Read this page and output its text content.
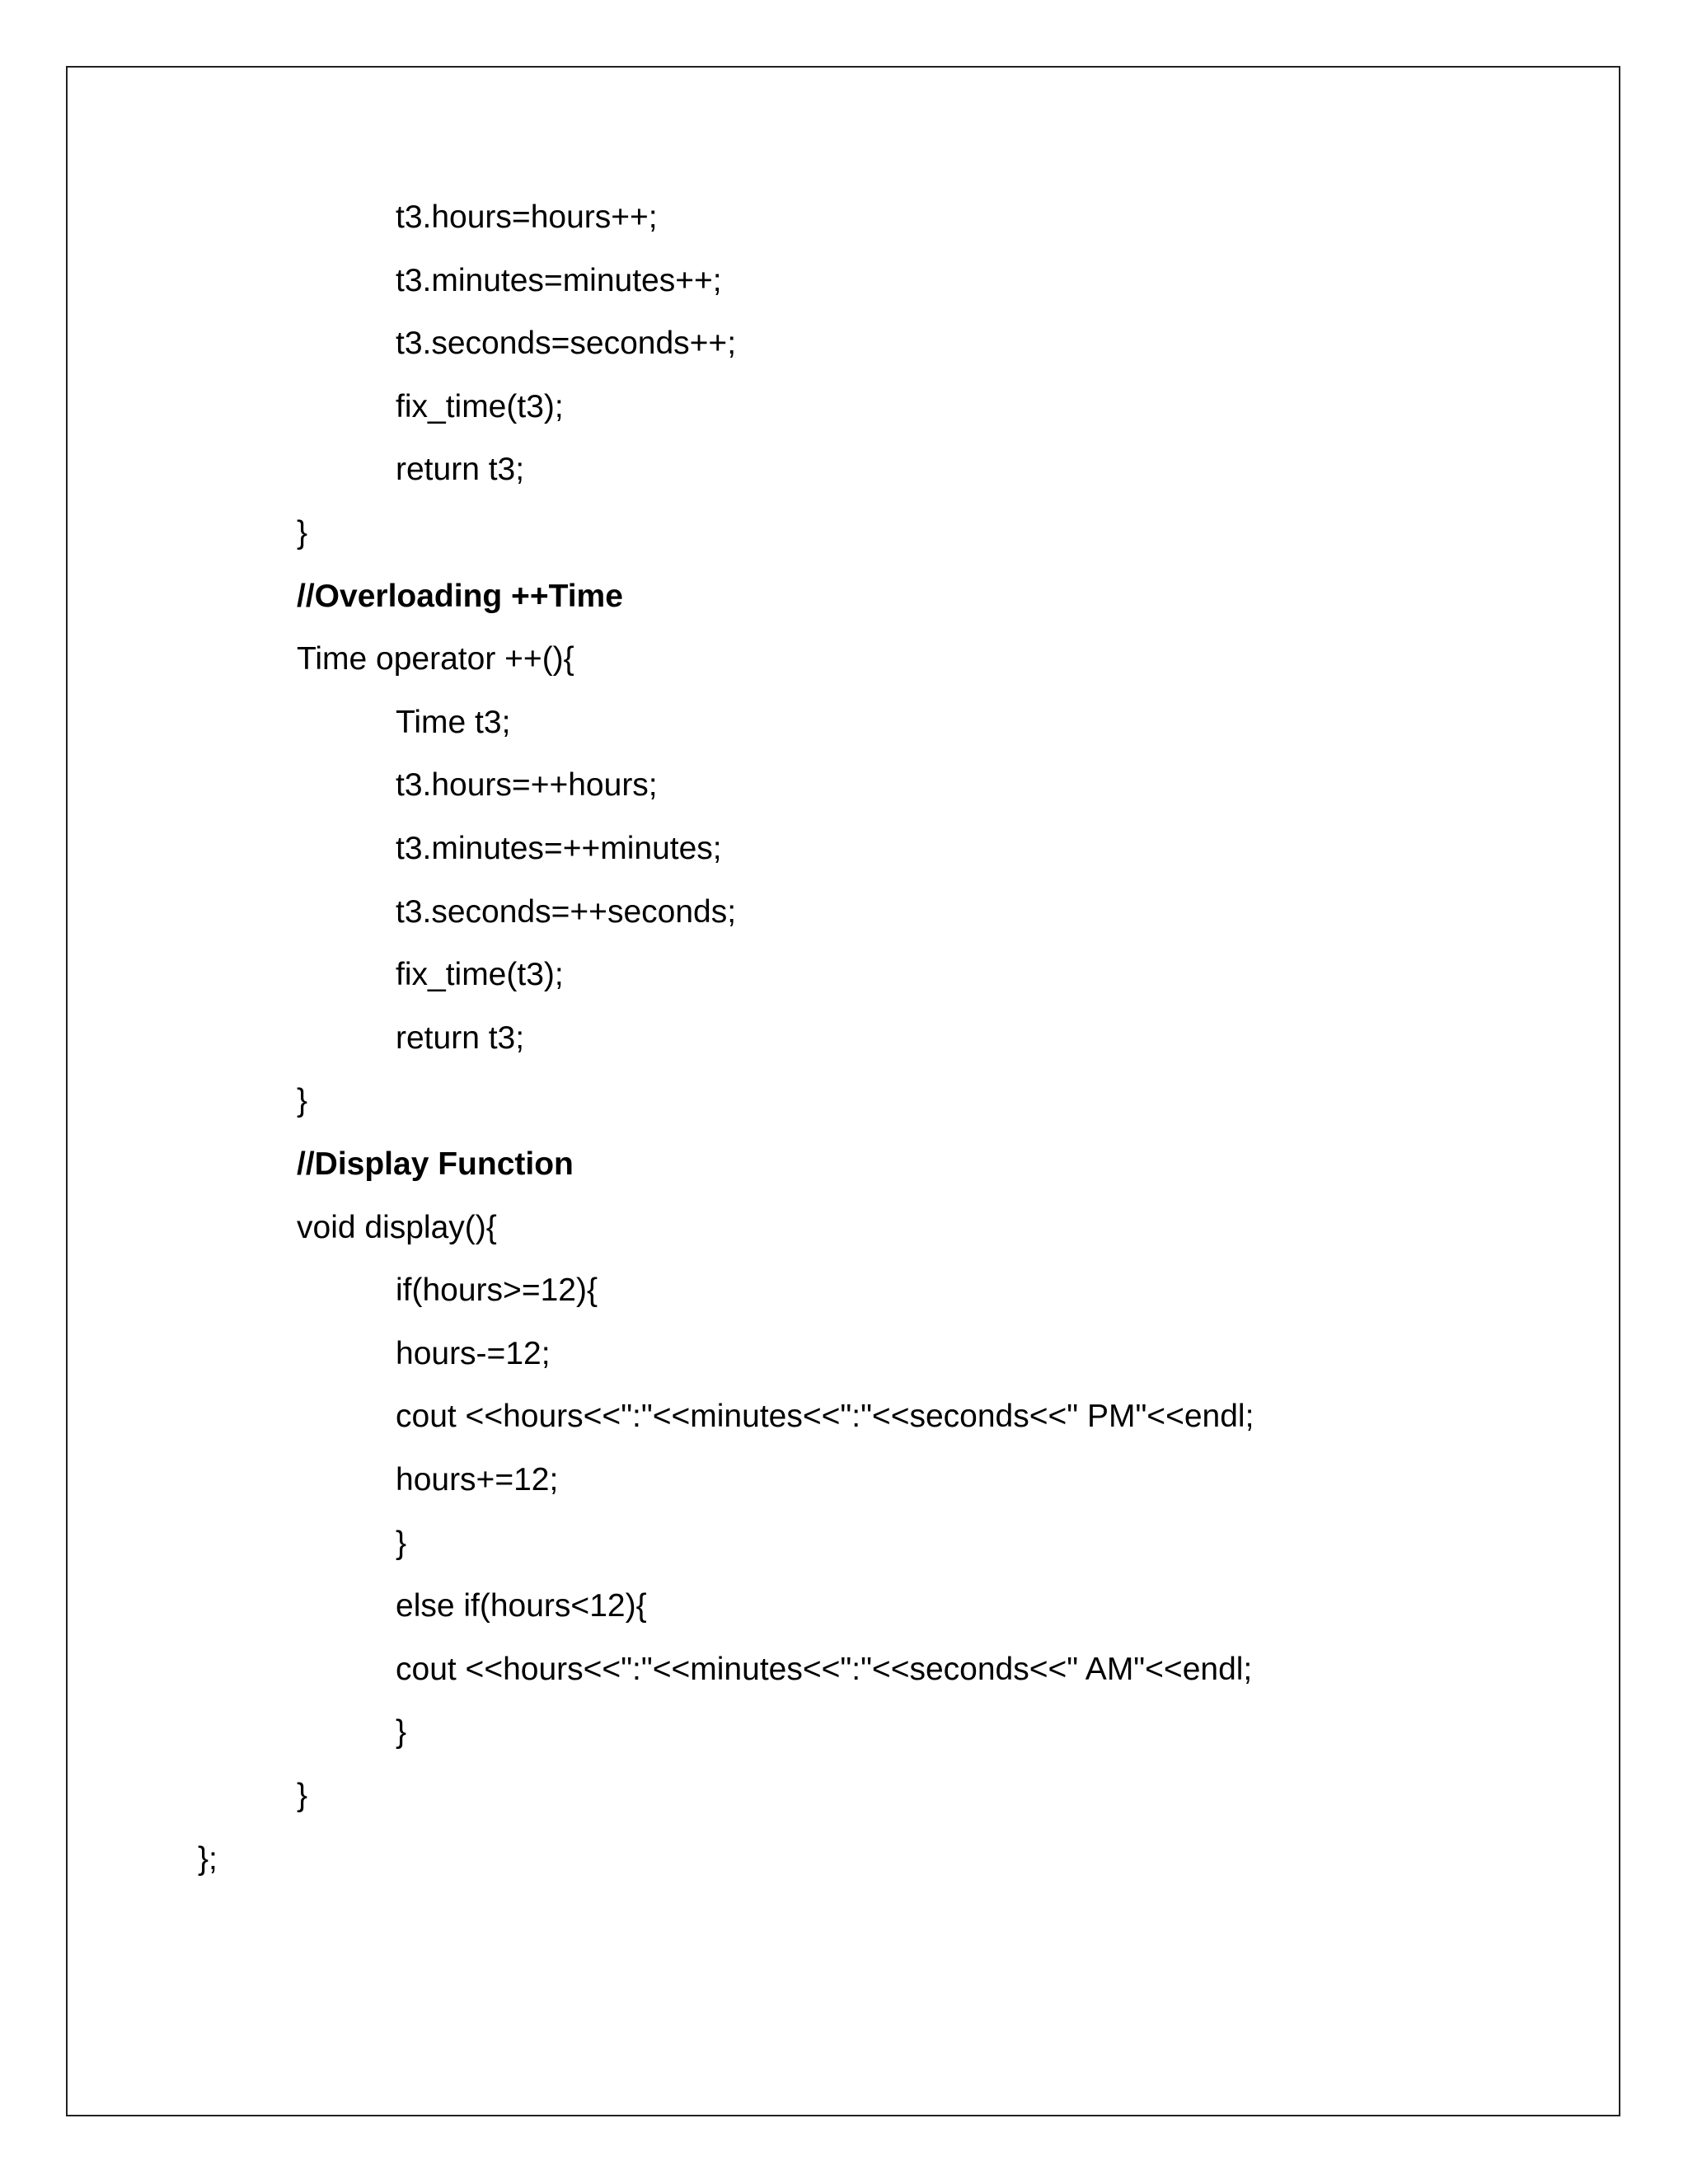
t3.hours=hours++;

t3.minutes=minutes++;

t3.seconds=seconds++;

fix_time(t3);

return t3;

}

//Overloading ++Time

Time operator ++(){

Time t3;

t3.hours=++hours;

t3.minutes=++minutes;

t3.seconds=++seconds;

fix_time(t3);

return t3;

}

//Display Function

void display(){

if(hours>=12){

hours-=12;

cout <<hours<<":"<<minutes<<":"<<seconds<<" PM"<<endl;

hours+=12;

}

else if(hours<12){

cout <<hours<<":"<<minutes<<":"<<seconds<<" AM"<<endl;

}

}

};
